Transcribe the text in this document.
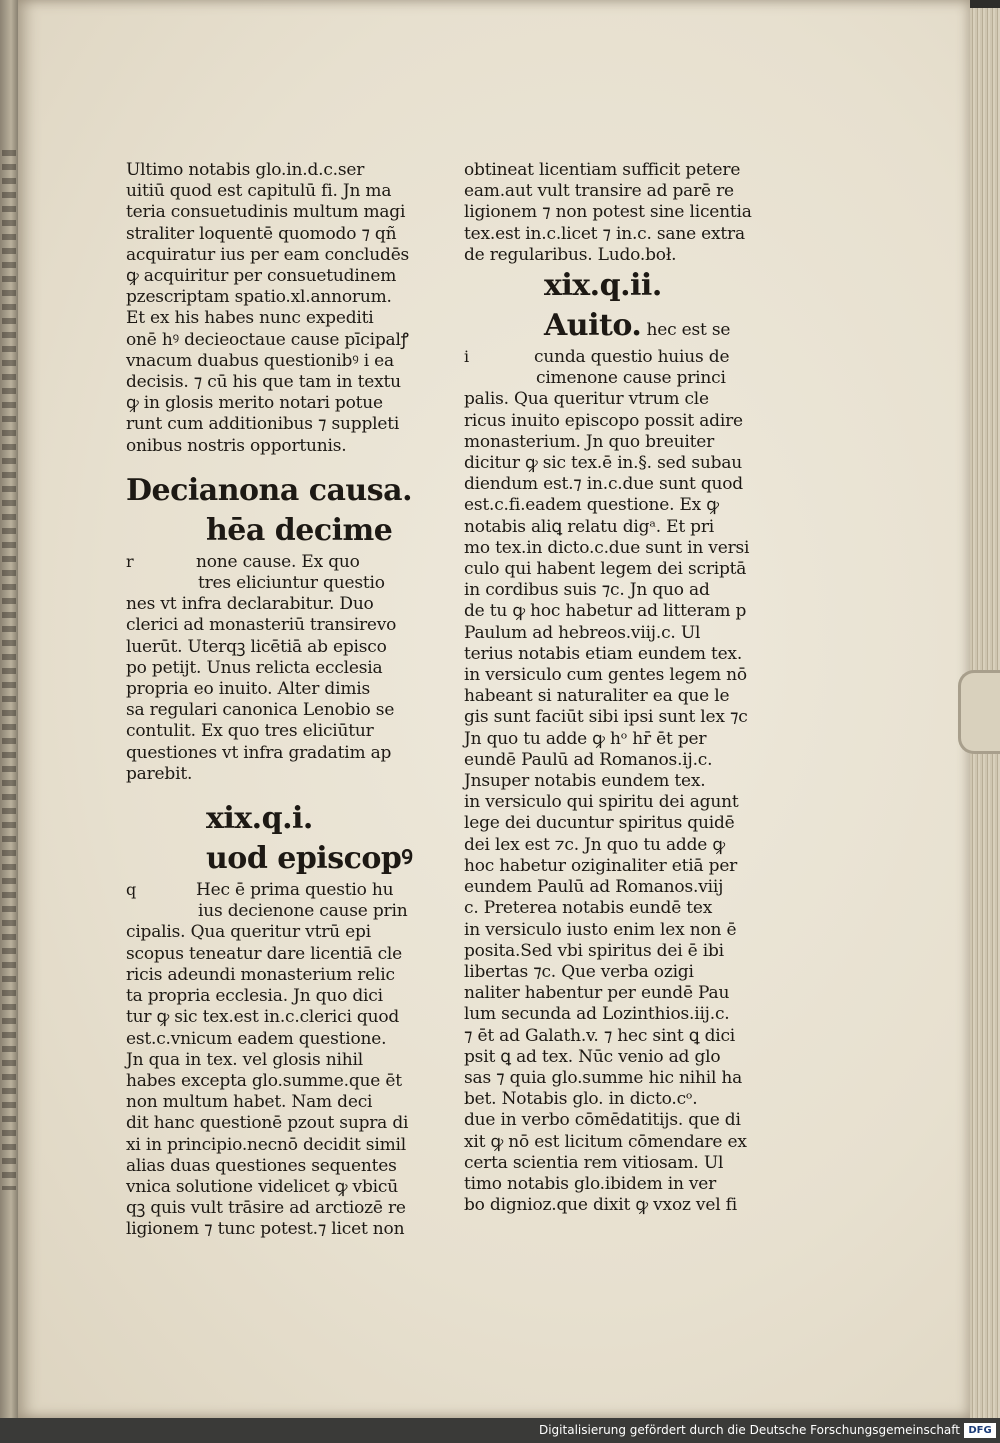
Ultimo notabis glo.in.d.c.ser

uitiū quod est capitulū fi. Jn ma

teria consuetudinis multum magi

straliter loquentē quomodo ⁊ qñ

acquiratur ius per eam concludēs

ꝙ acquiritur per consuetudinem

pzescriptam spatio.xl.annorum.

Et ex his habes nunc expediti

onē hꝰ decieoctaue cause pīcipalꝭ

vnacum duabus questionibꝰ i ea

decisis. ⁊ cū his que tam in textu

ꝙ in glosis merito notari potue

runt cum additionibus ⁊ suppleti

onibus nostris opportunis.

Decianona causa.

hēa decime

r	none cause. Ex quo

tres eliciuntur questio

nes vt infra declarabitur. Duo

clerici ad monasteriū transirevo

luerūt. Uterqꝫ licētiā ab episco

po petijt. Unus relicta ecclesia

propria eo inuito. Alter dimis

sa regulari canonica Lenobio se

contulit. Ex quo tres eliciūtur

questiones vt infra gradatim ap

parebit.

xix.q.i.

uod episcopꝰ

q	Hec ē prima questio hu

ius decienone cause prin

cipalis. Qua queritur vtrū epi

scopus teneatur dare licentiā cle

ricis adeundi monasterium relic

ta propria ecclesia. Jn quo dici

tur ꝙ sic tex.est in.c.clerici quod

est.c.vnicum eadem questione.

Jn qua in tex. vel glosis nihil

habes excepta glo.summe.que ēt

non multum habet. Nam deci

dit hanc questionē pzout supra di

xi in principio.necnō decidit simil

alias duas questiones sequentes

vnica solutione videlicet ꝙ vbicū

qꝫ quis vult trāsire ad arctiozē re

ligionem ⁊ tunc potest.⁊ licet non

obtineat licentiam sufficit petere

eam.aut vult transire ad parē re

ligionem ⁊ non potest sine licentia

tex.est in.c.licet ⁊ in.c. sane extra

de regularibus. Ludo.boł.

xix.q.ii.

Auito. hec est se

i	cunda questio huius de

cimenone cause princi

palis. Qua queritur vtrum cle

ricus inuito episcopo possit adire

monasterium. Jn quo breuiter

dicitur ꝙ sic tex.ē in.§. sed subau

diendum est.⁊ in.c.due sunt quod

est.c.fi.eadem questione. Ex ꝙ

notabis aliꝗ relatu digᵃ. Et pri

mo tex.in dicto.c.due sunt in versi

culo qui habent legem dei scriptā

in cordibus suis ⁊c. Jn quo ad

de tu ꝙ hoc habetur ad litteram p

Paulum ad hebreos.viij.c. Ul

terius notabis etiam eundem tex.

in versiculo cum gentes legem nō

habeant si naturaliter ea que le

gis sunt faciūt sibi ipsi sunt lex ⁊c

Jn quo tu adde ꝙ hᵒ hr̄ ēt per

eundē Paulū ad Romanos.ij.c.

Jnsuper notabis eundem tex.

in versiculo qui spiritu dei agunt

lege dei ducuntur spiritus quidē

dei lex est ⁊c. Jn quo tu adde ꝙ

hoc habetur oziginaliter etiā per

eundem Paulū ad Romanos.viij

c. Preterea notabis eundē tex

in versiculo iusto enim lex non ē

posita.Sed vbi spiritus dei ē ibi

libertas ⁊c. Que verba ozigi

naliter habentur per eundē Pau

lum secunda ad Lozinthios.iij.c.

⁊ ēt ad Galath.v. ⁊ hec sint ꝗ dici

psit ꝗ ad tex. Nūc venio ad glo

sas ⁊ quia glo.summe hic nihil ha

bet. Notabis glo. in dicto.cᵒ.

due in verbo cōmēdatitijs. que di

xit ꝙ nō est licitum cōmendare ex

certa scientia rem vitiosam. Ul

timo notabis glo.ibidem in ver

bo dignioz.que dixit ꝙ vxoz vel fi

Digitalisierung gefördert durch die Deutsche Forschungsgemeinschaft DFG
